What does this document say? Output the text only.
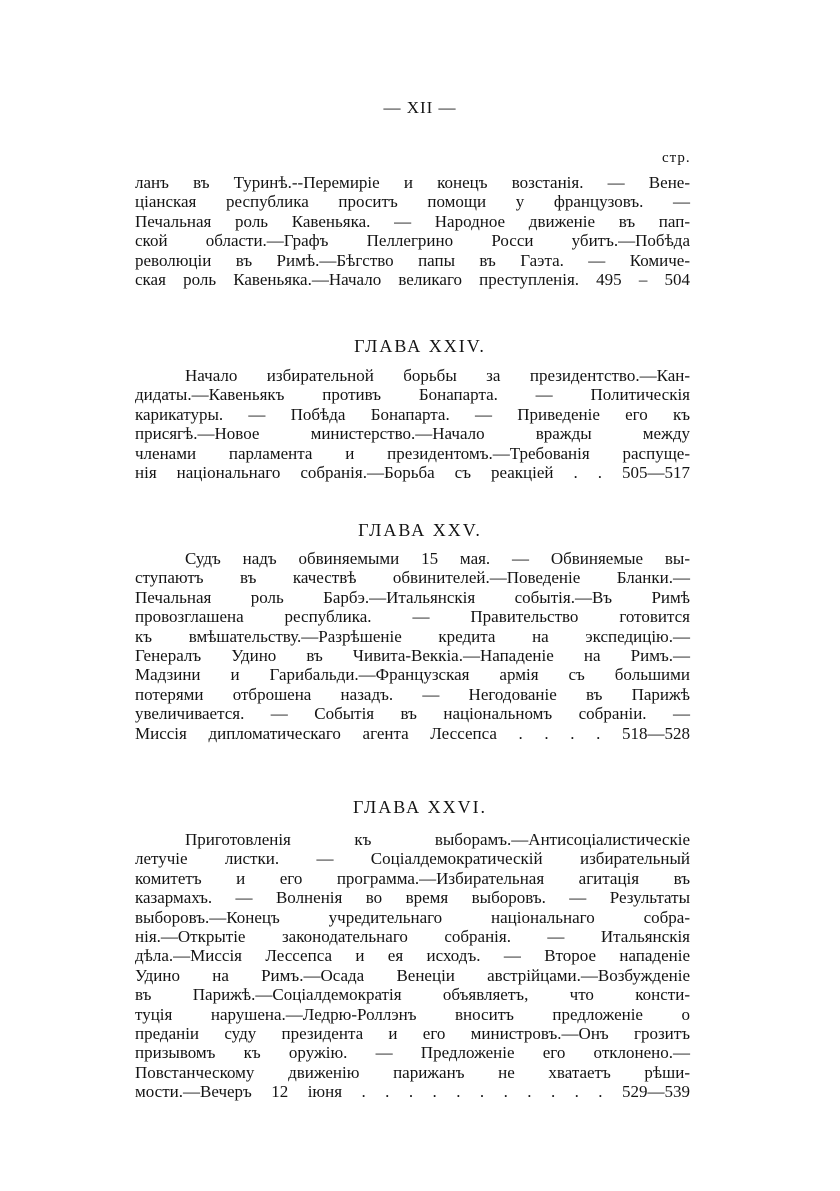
— XII —
стр.
ланъ въ Туринѣ.--Перемиріе и конецъ возстанія. — Вене-
ціанская республика проситъ помощи у французовъ. —
Печальная роль Кавеньяка. — Народное движеніе въ пап-
ской области.—Графъ Пеллегрино Росси убитъ.—Побѣда
революціи въ Римѣ.—Бѣгство папы въ Гаэта. — Комиче-
ская роль Кавеньяка.—Начало великаго преступленія. 495 – 504
ГЛАВА XXIV.
Начало избирательной борьбы за президентство.—Кан-
дидаты.—Кавеньякъ противъ Бонапарта. — Политическія
карикатуры. — Побѣда Бонапарта. — Приведеніе его къ
присягѣ.—Новое министерство.—Начало вражды между
членами парламента и президентомъ.—Требованія распуще-
нія національнаго собранія.—Борьба съ реакціей . . 505—517
ГЛАВА XXV.
Судъ надъ обвиняемыми 15 мая. — Обвиняемые вы-
ступаютъ въ качествѣ обвинителей.—Поведеніе Бланки.—
Печальная роль Барбэ.—Итальянскія событія.—Въ Римѣ
провозглашена республика. — Правительство готовится
къ вмѣшательству.—Разрѣшеніе кредита на экспедицію.—
Генералъ Удино въ Чивита-Веккіа.—Нападеніе на Римъ.—
Мадзини и Гарибальди.—Французская армія съ большими
потерями отброшена назадъ. — Негодованіе въ Парижѣ
увеличивается. — Событія въ національномъ собраніи. —
Миссія дипломатическаго агента Лессепса . . . . 518—528
ГЛАВА XXVI.
Приготовленія къ выборамъ.—Антисоціалистическіе
летучіе листки. — Соціалдемократическій избирательный
комитетъ и его программа.—Избирательная агитація въ
казармахъ. — Волненія во время выборовъ. — Результаты
выборовъ.—Конецъ учредительнаго національнаго собра-
нія.—Открытіе законодательнаго собранія. — Итальянскія
дѣла.—Миссія Лессепса и ея исходъ. — Второе нападеніе
Удино на Римъ.—Осада Венеціи австрійцами.—Возбужденіе
въ Парижѣ.—Соціалдемократія объявляетъ, что консти-
туція нарушена.—Ледрю-Роллэнъ вноситъ предложеніе о
преданіи суду президента и его министровъ.—Онъ грозитъ
призывомъ къ оружію. — Предложеніе его отклонено.—
Повстанческому движенію парижанъ не хватаетъ рѣши-
мости.—Вечеръ 12 іюня . . . . . . . . . . . 529—539
